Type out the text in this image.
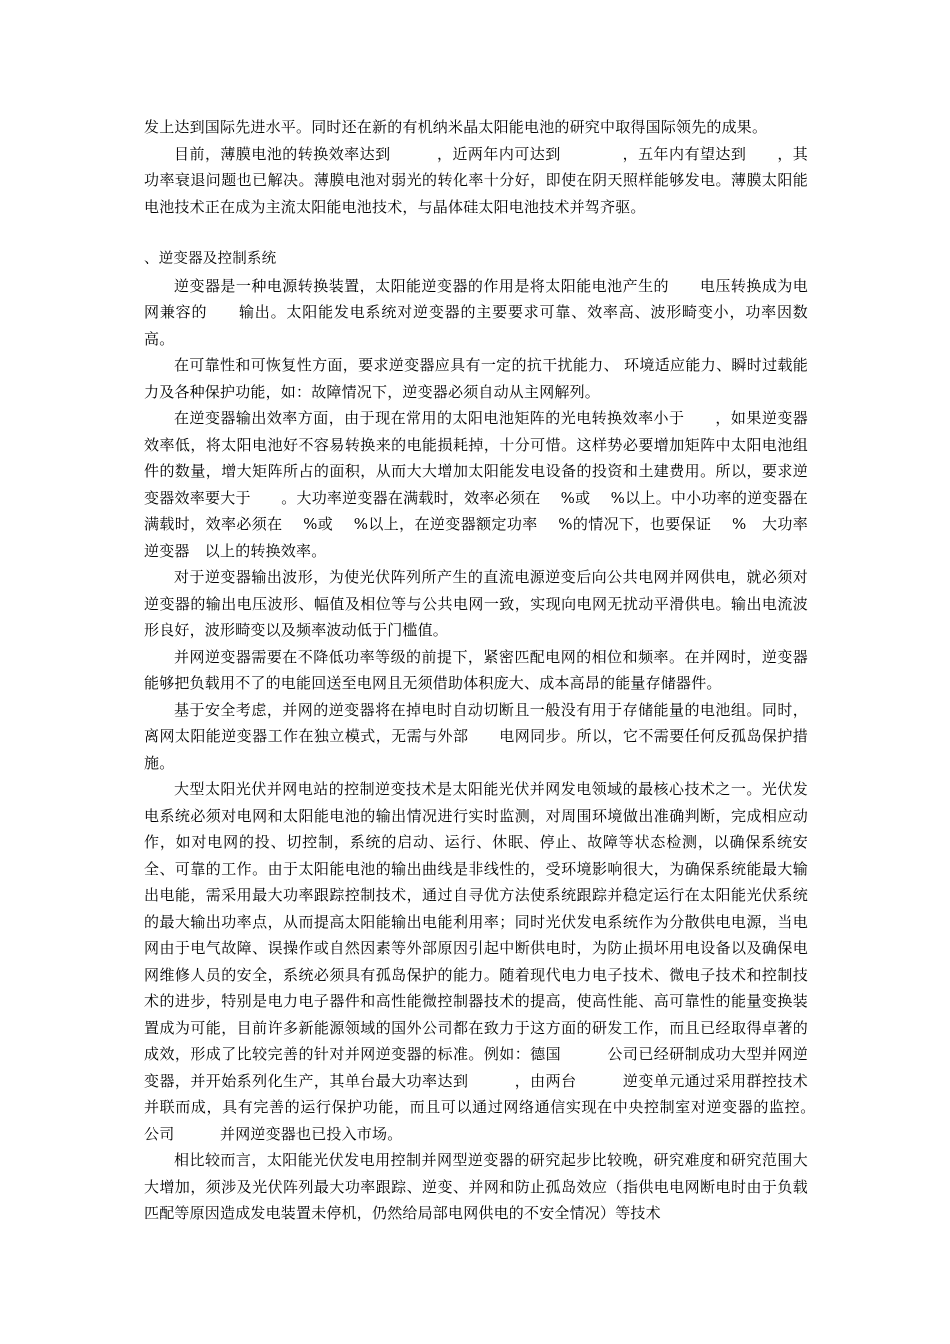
发上达到国际先进水平。同时还在新的有机纳米晶太阳能电池的研究中取得国际领先的成果。

目前，薄膜电池的转换效率达到　　　，近两年内可达到　　　　，五年内有望达到　　，其功率衰退问题也已解决。薄膜电池对弱光的转化率十分好，即使在阴天照样能够发电。薄膜太阳能电池技术正在成为主流太阳能电池技术，与晶体硅太阳电池技术并驾齐驱。

、逆变器及控制系统

逆变器是一种电源转换装置，太阳能逆变器的作用是将太阳能电池产生的　　电压转换成为电网兼容的　　输出。太阳能发电系统对逆变器的主要要求可靠、效率高、波形畸变小，功率因数高。

在可靠性和可恢复性方面，要求逆变器应具有一定的抗干扰能力、 环境适应能力、瞬时过载能力及各种保护功能，如：故障情况下，逆变器必须自动从主网解列。

在逆变器输出效率方面，由于现在常用的太阳电池矩阵的光电转换效率小于　　，如果逆变器效率低，将太阳电池好不容易转换来的电能损耗掉，十分可惜。这样势必要增加矩阵中太阳电池组件的数量，增大矩阵所占的面积，从而大大增加太阳能发电设备的投资和土建费用。所以，要求逆变器效率要大于　　。大功率逆变器在满载时，效率必须在　 %或　 %以上。中小功率的逆变器在满载时，效率必须在　 %或　 %以上，在逆变器额定功率　 %的情况下，也要保证　 %　大功率逆变器　以上的转换效率。

对于逆变器输出波形，为使光伏阵列所产生的直流电源逆变后向公共电网并网供电，就必须对逆变器的输出电压波形、幅值及相位等与公共电网一致，实现向电网无扰动平滑供电。输出电流波形良好，波形畸变以及频率波动低于门槛值。

并网逆变器需要在不降低功率等级的前提下，紧密匹配电网的相位和频率。在并网时，逆变器能够把负载用不了的电能回送至电网且无须借助体积庞大、成本高昂的能量存储器件。

基于安全考虑，并网的逆变器将在掉电时自动切断且一般没有用于存储能量的电池组。同时，离网太阳能逆变器工作在独立模式，无需与外部　　电网同步。所以，它不需要任何反孤岛保护措施。

大型太阳光伏并网电站的控制逆变技术是太阳能光伏并网发电领域的最核心技术之一。光伏发电系统必须对电网和太阳能电池的输出情况进行实时监测，对周围环境做出准确判断，完成相应动作，如对电网的投、切控制，系统的启动、运行、休眠、停止、故障等状态检测，以确保系统安全、可靠的工作。由于太阳能电池的输出曲线是非线性的，受环境影响很大，为确保系统能最大输出电能，需采用最大功率跟踪控制技术，通过自寻优方法使系统跟踪并稳定运行在太阳能光伏系统的最大输出功率点，从而提高太阳能输出电能利用率；同时光伏发电系统作为分散供电电源，当电网由于电气故障、误操作或自然因素等外部原因引起中断供电时，为防止损坏用电设备以及确保电网维修人员的安全，系统必须具有孤岛保护的能力。随着现代电力电子技术、微电子技术和控制技术的进步，特别是电力电子器件和高性能微控制器技术的提高，使高性能、高可靠性的能量变换装置成为可能，目前许多新能源领域的国外公司都在致力于这方面的研发工作，而且已经取得卓著的成效，形成了比较完善的针对并网逆变器的标准。例如：德国　　　公司已经研制成功大型并网逆变器，并开始系列化生产，其单台最大功率达到　　　，由两台　　　逆变单元通过采用群控技术并联而成，具有完善的运行保护功能，而且可以通过网络通信实现在中央控制室对逆变器的监控。　　　公司　　　并网逆变器也已投入市场。

相比较而言，太阳能光伏发电用控制并网型逆变器的研究起步比较晚，研究难度和研究范围大大增加，须涉及光伏阵列最大功率跟踪、逆变、并网和防止孤岛效应（指供电电网断电时由于负载匹配等原因造成发电装置未停机，仍然给局部电网供电的不安全情况）等技术
